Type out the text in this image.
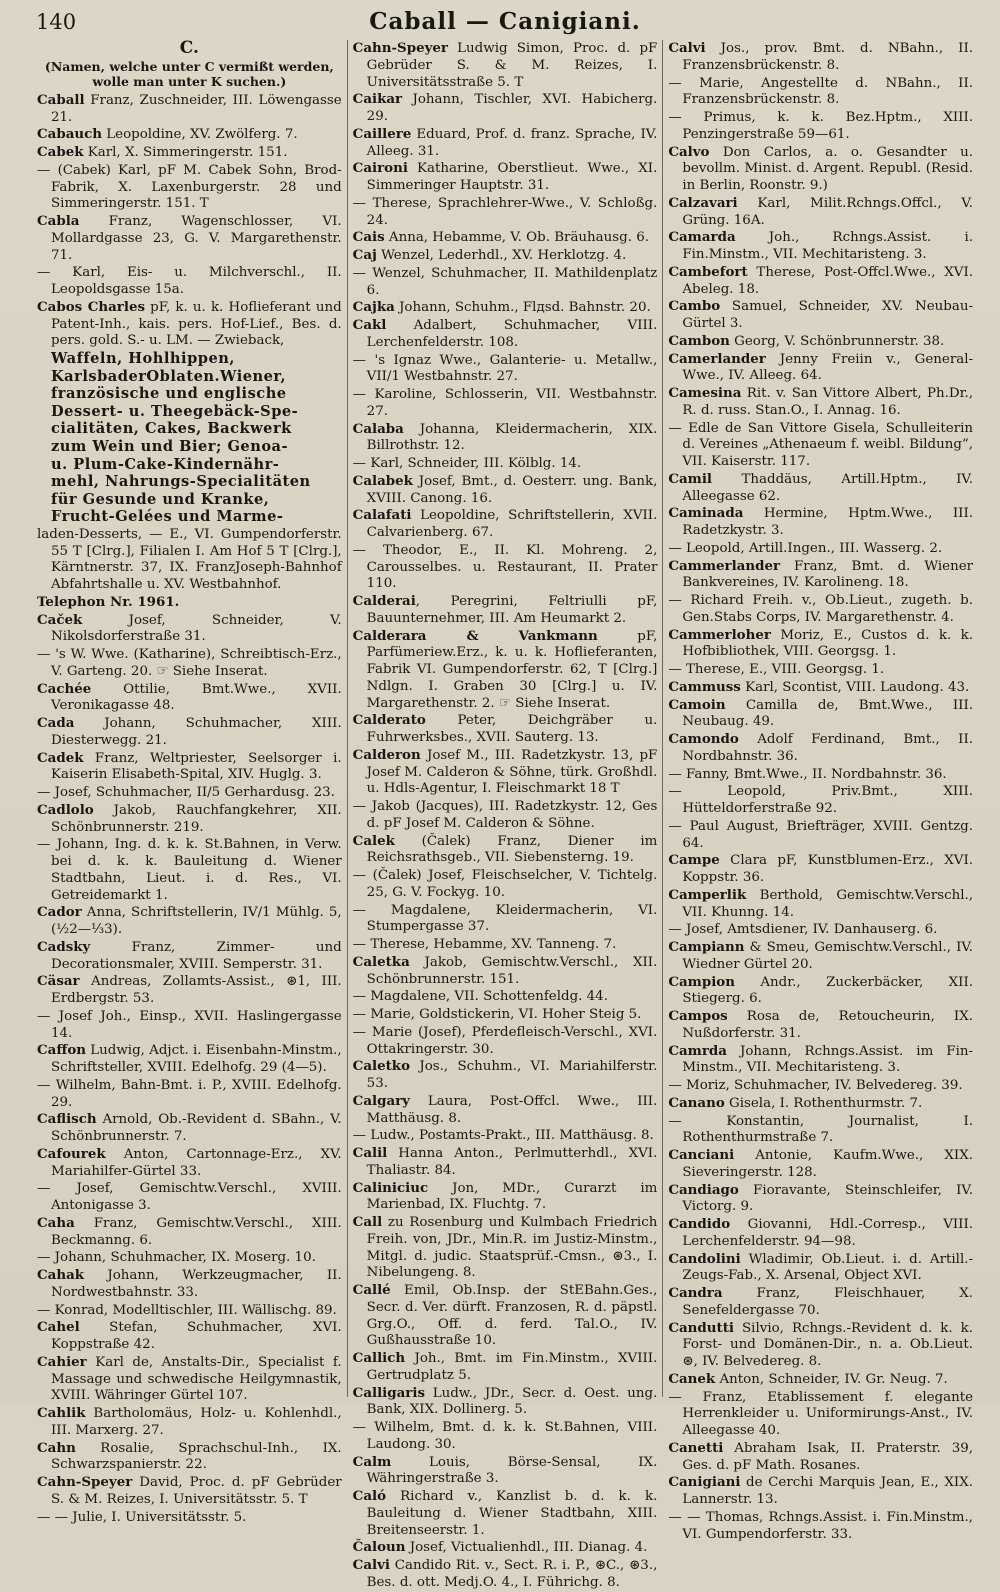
140	Caball — Canigiani.
C.
(Namen, welche unter C vermißt werden, wolle man unter K suchen.)

Caball Franz, Zuschneider, III. Löwengasse 21.

Cabauch Leopoldine, XV. Zwölferg. 7.

Cabek Karl, X. Simmeringerstr. 151.

— (Cabek) Karl, pF M. Cabek Sohn, Brod-Fabrik, X. Laxenburgerstr. 28 und Simmeringerstr. 151. T

Cabla Franz, Wagenschlosser, VI. Mollardgasse 23, G. V. Margarethenstr. 71.

— Karl, Eis- u. Milchverschl., II. Leopoldsgasse 15a.

Cabos Charles pF, k. u. k. Hoflieferant und Patent-Inh., kais. pers. Hof-Lief., Bes. d. pers. gold. S.- u. LM. — Zwieback,

Waffeln, Hohlhippen,

KarlsbaderOblaten.Wiener,

französische und englische

Dessert- u. Theegebäck-Spe-

cialitäten, Cakes, Backwerk

zum Wein und Bier; Genoa-

u. Plum-Cake-Kindernähr-

mehl, Nahrungs-Specialitäten

für Gesunde und Kranke,

Frucht-Gelées und Marme-

laden-Desserts, — E., VI. Gumpendorferstr. 55 T [Clrg.], Filialen I. Am Hof 5 T [Clrg.], Kärntnerstr. 37, IX. FranzJoseph-Bahnhof Abfahrtshalle u. XV. Westbahnhof.

Telephon Nr. 1961.

Caček Josef, Schneider, V. Nikolsdorferstraße 31.

— 's W. Wwe. (Katharine), Schreibtisch-Erz., V. Garteng. 20. ☞ Siehe Inserat.

Cachée Ottilie, Bmt.Wwe., XVII. Veronikagasse 48.

Cada Johann, Schuhmacher, XIII. Diesterwegg. 21.

Cadek Franz, Weltpriester, Seelsorger i. Kaiserin Elisabeth-Spital, XIV. Huglg. 3.

— Josef, Schuhmacher, II/5 Gerhardusg. 23.

Cadlolo Jakob, Rauchfangkehrer, XII. Schönbrunnerstr. 219.

— Johann, Ing. d. k. k. St.Bahnen, in Verw. bei d. k. k. Bauleitung d. Wiener Stadtbahn, Lieut. i. d. Res., VI. Getreidemarkt 1.

Cador Anna, Schriftstellerin, IV/1 Mühlg. 5, (½2—⅓3).

Cadsky Franz, Zimmer- und Decorationsmaler, XVIII. Semperstr. 31.

Cäsar Andreas, Zollamts-Assist., ⊛1, III. Erdbergstr. 53.

— Josef Joh., Einsp., XVII. Haslingergasse 14.

Caffon Ludwig, Adjct. i. Eisenbahn-Minstm., Schriftsteller, XVIII. Edelhofg. 29 (4—5).

— Wilhelm, Bahn-Bmt. i. P., XVIII. Edelhofg. 29.

Caflisch Arnold, Ob.-Revident d. SBahn., V. Schönbrunnerstr. 7.

Cafourek Anton, Cartonnage-Erz., XV. Mariahilfer-Gürtel 33.

— Josef, Gemischtw.Verschl., XVIII. Antonigasse 3.

Caha Franz, Gemischtw.Verschl., XIII. Beckmanng. 6.

— Johann, Schuhmacher, IX. Moserg. 10.

Cahak Johann, Werkzeugmacher, II. Nordwestbahnstr. 33.

— Konrad, Modelltischler, III. Wällischg. 89.

Cahel Stefan, Schuhmacher, XVI. Koppstraße 42.

Cahier Karl de, Anstalts-Dir., Specialist f. Massage und schwedische Heilgymnastik, XVIII. Währinger Gürtel 107.

Cahlik Bartholomäus, Holz- u. Kohlenhdl., III. Marxerg. 27.

Cahn Rosalie, Sprachschul-Inh., IX. Schwarzspanierstr. 22.

Cahn-Speyer David, Proc. d. pF Gebrüder S. & M. Reizes, I. Universitätsstr. 5. T

— — Julie, I. Universitätsstr. 5.

Cahn-Speyer Ludwig Simon, Proc. d. pF Gebrüder S. & M. Reizes, I. Universitätsstraße 5. T

Caikar Johann, Tischler, XVI. Habicherg. 29.

Caillere Eduard, Prof. d. franz. Sprache, IV. Alleeg. 31.

Caironi Katharine, Oberstlieut. Wwe., XI. Simmeringer Hauptstr. 31.

— Therese, Sprachlehrer-Wwe., V. Schloßg. 24.

Cais Anna, Hebamme, V. Ob. Bräuhausg. 6.

Caj Wenzel, Lederhdl., XV. Herklotzg. 4.

— Wenzel, Schuhmacher, II. Mathildenplatz 6.

Cajka Johann, Schuhm., Flдsd. Bahnstr. 20.

Cakl Adalbert, Schuhmacher, VIII. Lerchenfelderstr. 108.

— 's Ignaz Wwe., Galanterie- u. Metallw., VII/1 Westbahnstr. 27.

— Karoline, Schlosserin, VII. Westbahnstr. 27.

Calaba Johanna, Kleidermacherin, XIX. Billrothstr. 12.

— Karl, Schneider, III. Kölblg. 14.

Calabek Josef, Bmt., d. Oesterr. ung. Bank, XVIII. Canong. 16.

Calafati Leopoldine, Schriftstellerin, XVII. Calvarienberg. 67.

— Theodor, E., II. Kl. Mohreng. 2, Carousselbes. u. Restaurant, II. Prater 110.

Calderai, Peregrini, Feltriulli pF, Bauunternehmer, III. Am Heumarkt 2.

Calderara & Vankmann pF, Parfümeriew.Erz., k. u. k. Hoflieferanten, Fabrik VI. Gumpendorferstr. 62, T [Clrg.] Ndlgn. I. Graben 30 [Clrg.] u. IV. Margarethenstr. 2. ☞ Siehe Inserat.

Calderato Peter, Deichgräber u. Fuhrwerksbes., XVII. Sauterg. 13.

Calderon Josef M., III. Radetzkystr. 13, pF Josef M. Calderon & Söhne, türk. Großhdl. u. Hdls-Agentur, I. Fleischmarkt 18 T

— Jakob (Jacques), III. Radetzkystr. 12, Ges d. pF Josef M. Calderon & Söhne.

Calek (Čalek) Franz, Diener im Reichsrathsgeb., VII. Siebensterng. 19.

— (Čalek) Josef, Fleischselcher, V. Tichtelg. 25, G. V. Fockyg. 10.

— Magdalene, Kleidermacherin, VI. Stumpergasse 37.

— Therese, Hebamme, XV. Tanneng. 7.

Caletka Jakob, Gemischtw.Verschl., XII. Schönbrunnerstr. 151.

— Magdalene, VII. Schottenfeldg. 44.

— Marie, Goldstickerin, VI. Hoher Steig 5.

— Marie (Josef), Pferdefleisch-Verschl., XVI. Ottakringerstr. 30.

Caletko Jos., Schuhm., VI. Mariahilferstr. 53.

Calgary Laura, Post-Offcl. Wwe., III. Matthäusg. 8.

— Ludw., Postamts-Prakt., III. Matthäusg. 8.

Calil Hanna Anton., Perlmutterhdl., XVI. Thaliastr. 84.

Caliniciuc Jon, MDr., Curarzt im Marienbad, IX. Fluchtg. 7.

Call zu Rosenburg und Kulmbach Friedrich Freih. von, JDr., Min.R. im Justiz-Minstm., Mitgl. d. judic. Staatsprüf.-Cmsn., ⊛3., I. Nibelungeng. 8.

Callé Emil, Ob.Insp. der StEBahn.Ges., Secr. d. Ver. dürft. Franzosen, R. d. päpstl. Grg.O., Off. d. ferd. Tal.O., IV. Gußhausstraße 10.

Callich Joh., Bmt. im Fin.Minstm., XVIII. Gertrudplatz 5.

Calligaris Ludw., JDr., Secr. d. Oest. ung. Bank, XIX. Dollinerg. 5.

— Wilhelm, Bmt. d. k. k. St.Bahnen, VIII. Laudong. 30.

Calm Louis, Börse-Sensal, IX. Währingerstraße 3.

Caló Richard v., Kanzlist b. d. k. k. Bauleitung d. Wiener Stadtbahn, XIII. Breitenseerstr. 1.

Čaloun Josef, Victualienhdl., III. Dianag. 4.

Calvi Candido Rit. v., Sect. R. i. P., ⊛C., ⊛3., Bes. d. ott. Medj.O. 4., I. Führichg. 8.

Calvi Jos., prov. Bmt. d. NBahn., II. Franzensbrückenstr. 8.

— Marie, Angestellte d. NBahn., II. Franzensbrückenstr. 8.

— Primus, k. k. Bez.Hptm., XIII. Penzingerstraße 59—61.

Calvo Don Carlos, a. o. Gesandter u. bevollm. Minist. d. Argent. Republ. (Resid. in Berlin, Roonstr. 9.)

Calzavari Karl, Milit.Rchngs.Offcl., V. Grüng. 16A.

Camarda Joh., Rchngs.Assist. i. Fin.Minstm., VII. Mechitaristeng. 3.

Cambefort Therese, Post-Offcl.Wwe., XVI. Abeleg. 18.

Cambo Samuel, Schneider, XV. Neubau-Gürtel 3.

Cambon Georg, V. Schönbrunnerstr. 38.

Camerlander Jenny Freiin v., General-Wwe., IV. Alleeg. 64.

Camesina Rit. v. San Vittore Albert, Ph.Dr., R. d. russ. Stan.O., I. Annag. 16.

— Edle de San Vittore Gisela, Schulleiterin d. Vereines „Athenaeum f. weibl. Bildung“, VII. Kaiserstr. 117.

Camil Thaddäus, Artill.Hptm., IV. Alleegasse 62.

Caminada Hermine, Hptm.Wwe., III. Radetzkystr. 3.

— Leopold, Artill.Ingen., III. Wasserg. 2.

Cammerlander Franz, Bmt. d. Wiener Bankvereines, IV. Karolineng. 18.

— Richard Freih. v., Ob.Lieut., zugeth. b. Gen.Stabs Corps, IV. Margarethenstr. 4.

Cammerloher Moriz, E., Custos d. k. k. Hofbibliothek, VIII. Georgsg. 1.

— Therese, E., VIII. Georgsg. 1.

Cammuss Karl, Scontist, VIII. Laudong. 43.

Camoin Camilla de, Bmt.Wwe., III. Neubaug. 49.

Camondo Adolf Ferdinand, Bmt., II. Nordbahnstr. 36.

— Fanny, Bmt.Wwe., II. Nordbahnstr. 36.

— Leopold, Priv.Bmt., XIII. Hütteldorferstraße 92.

— Paul August, Briefträger, XVIII. Gentzg. 64.

Campe Clara pF, Kunstblumen-Erz., XVI. Koppstr. 36.

Camperlik Berthold, Gemischtw.Verschl., VII. Khunng. 14.

— Josef, Amtsdiener, IV. Danhauserg. 6.

Campiann & Smeu, Gemischtw.Verschl., IV. Wiedner Gürtel 20.

Campion Andr., Zuckerbäcker, XII. Stiegerg. 6.

Campos Rosa de, Retoucheurin, IX. Nußdorferstr. 31.

Camrda Johann, Rchngs.Assist. im Fin-Minstm., VII. Mechitaristeng. 3.

— Moriz, Schuhmacher, IV. Belvedereg. 39.

Canano Gisela, I. Rothenthurmstr. 7.

— Konstantin, Journalist, I. Rothenthurmstraße 7.

Canciani Antonie, Kaufm.Wwe., XIX. Sieveringerstr. 128.

Candiago Fioravante, Steinschleifer, IV. Victorg. 9.

Candido Giovanni, Hdl.-Corresp., VIII. Lerchenfelderstr. 94—98.

Candolini Wladimir, Ob.Lieut. i. d. Artill.-Zeugs-Fab., X. Arsenal, Object XVI.

Candra Franz, Fleischhauer, X. Senefeldergasse 70.

Candutti Silvio, Rchngs.-Revident d. k. k. Forst- und Domänen-Dir., n. a. Ob.Lieut. ⊛, IV. Belvedereg. 8.

Canek Anton, Schneider, IV. Gr. Neug. 7.

— Franz, Etablissement f. elegante Herrenkleider u. Uniformirungs-Anst., IV. Alleegasse 40.

Canetti Abraham Isak, II. Praterstr. 39, Ges. d. pF Math. Rosanes.

Canigiani de Cerchi Marquis Jean, E., XIX. Lannerstr. 13.

— — Thomas, Rchngs.Assist. i. Fin.Minstm., VI. Gumpendorferstr. 33.
